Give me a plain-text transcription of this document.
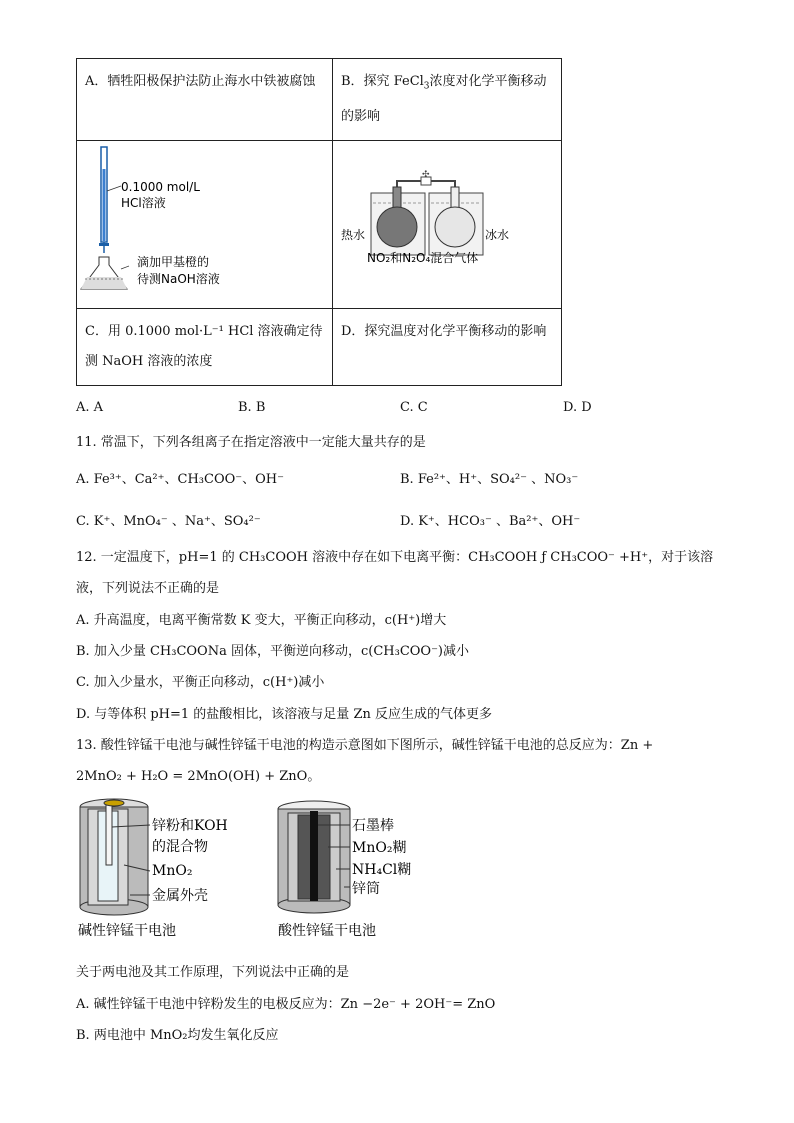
A．牺牲阳极保护法防止海水中铁被腐蚀	B．探究 FeCl$_3$浓度对化学平衡移动的影响

0.1000 mol/L
HCl溶液
滴加甲基橙的
待测NaOH溶液	✣
热水 冰水
NO₂和N₂O₄混合气体

C．用 0.1000 mol·L⁻¹ HCl 溶液确定待测 NaOH 溶液的浓度	D．探究温度对化学平衡移动的影响
A. A	B. B	C. C	D. D
11. 常温下，下列各组离子在指定溶液中一定能大量共存的是
A. Fe³⁺、Ca²⁺、CH₃COO⁻、OH⁻	B. Fe²⁺、H⁺、SO₄²⁻ 、NO₃⁻
C. K⁺、MnO₄⁻ 、Na⁺、SO₄²⁻	D. K⁺、HCO₃⁻ 、Ba²⁺、OH⁻
12. 一定温度下，pH=1 的 CH₃COOH 溶液中存在如下电离平衡：CH₃COOH ƒ CH₃COO⁻ +H⁺，对于该溶
液，下列说法不正确的是
A. 升高温度，电离平衡常数 K 变大，平衡正向移动，c(H⁺)增大
B. 加入少量 CH₃COONa 固体，平衡逆向移动，c(CH₃COO⁻)减小
C. 加入少量水，平衡正向移动，c(H⁺)减小
D. 与等体积 pH=1 的盐酸相比，该溶液与足量 Zn 反应生成的气体更多
13. 酸性锌锰干电池与碱性锌锰干电池的构造示意图如下图所示，碱性锌锰干电池的总反应为：Zn +
2MnO₂ + H₂O = 2MnO(OH) + ZnO。
锌粉和KOH
的混合物
MnO₂
金属外壳
碱性锌锰干电池
石墨棒
MnO₂糊
NH₄Cl糊
锌筒
酸性锌锰干电池
关于两电池及其工作原理，下列说法中正确的是
A. 碱性锌锰干电池中锌粉发生的电极反应为：Zn −2e⁻ + 2OH⁻= ZnO
B. 两电池中 MnO₂均发生氧化反应
